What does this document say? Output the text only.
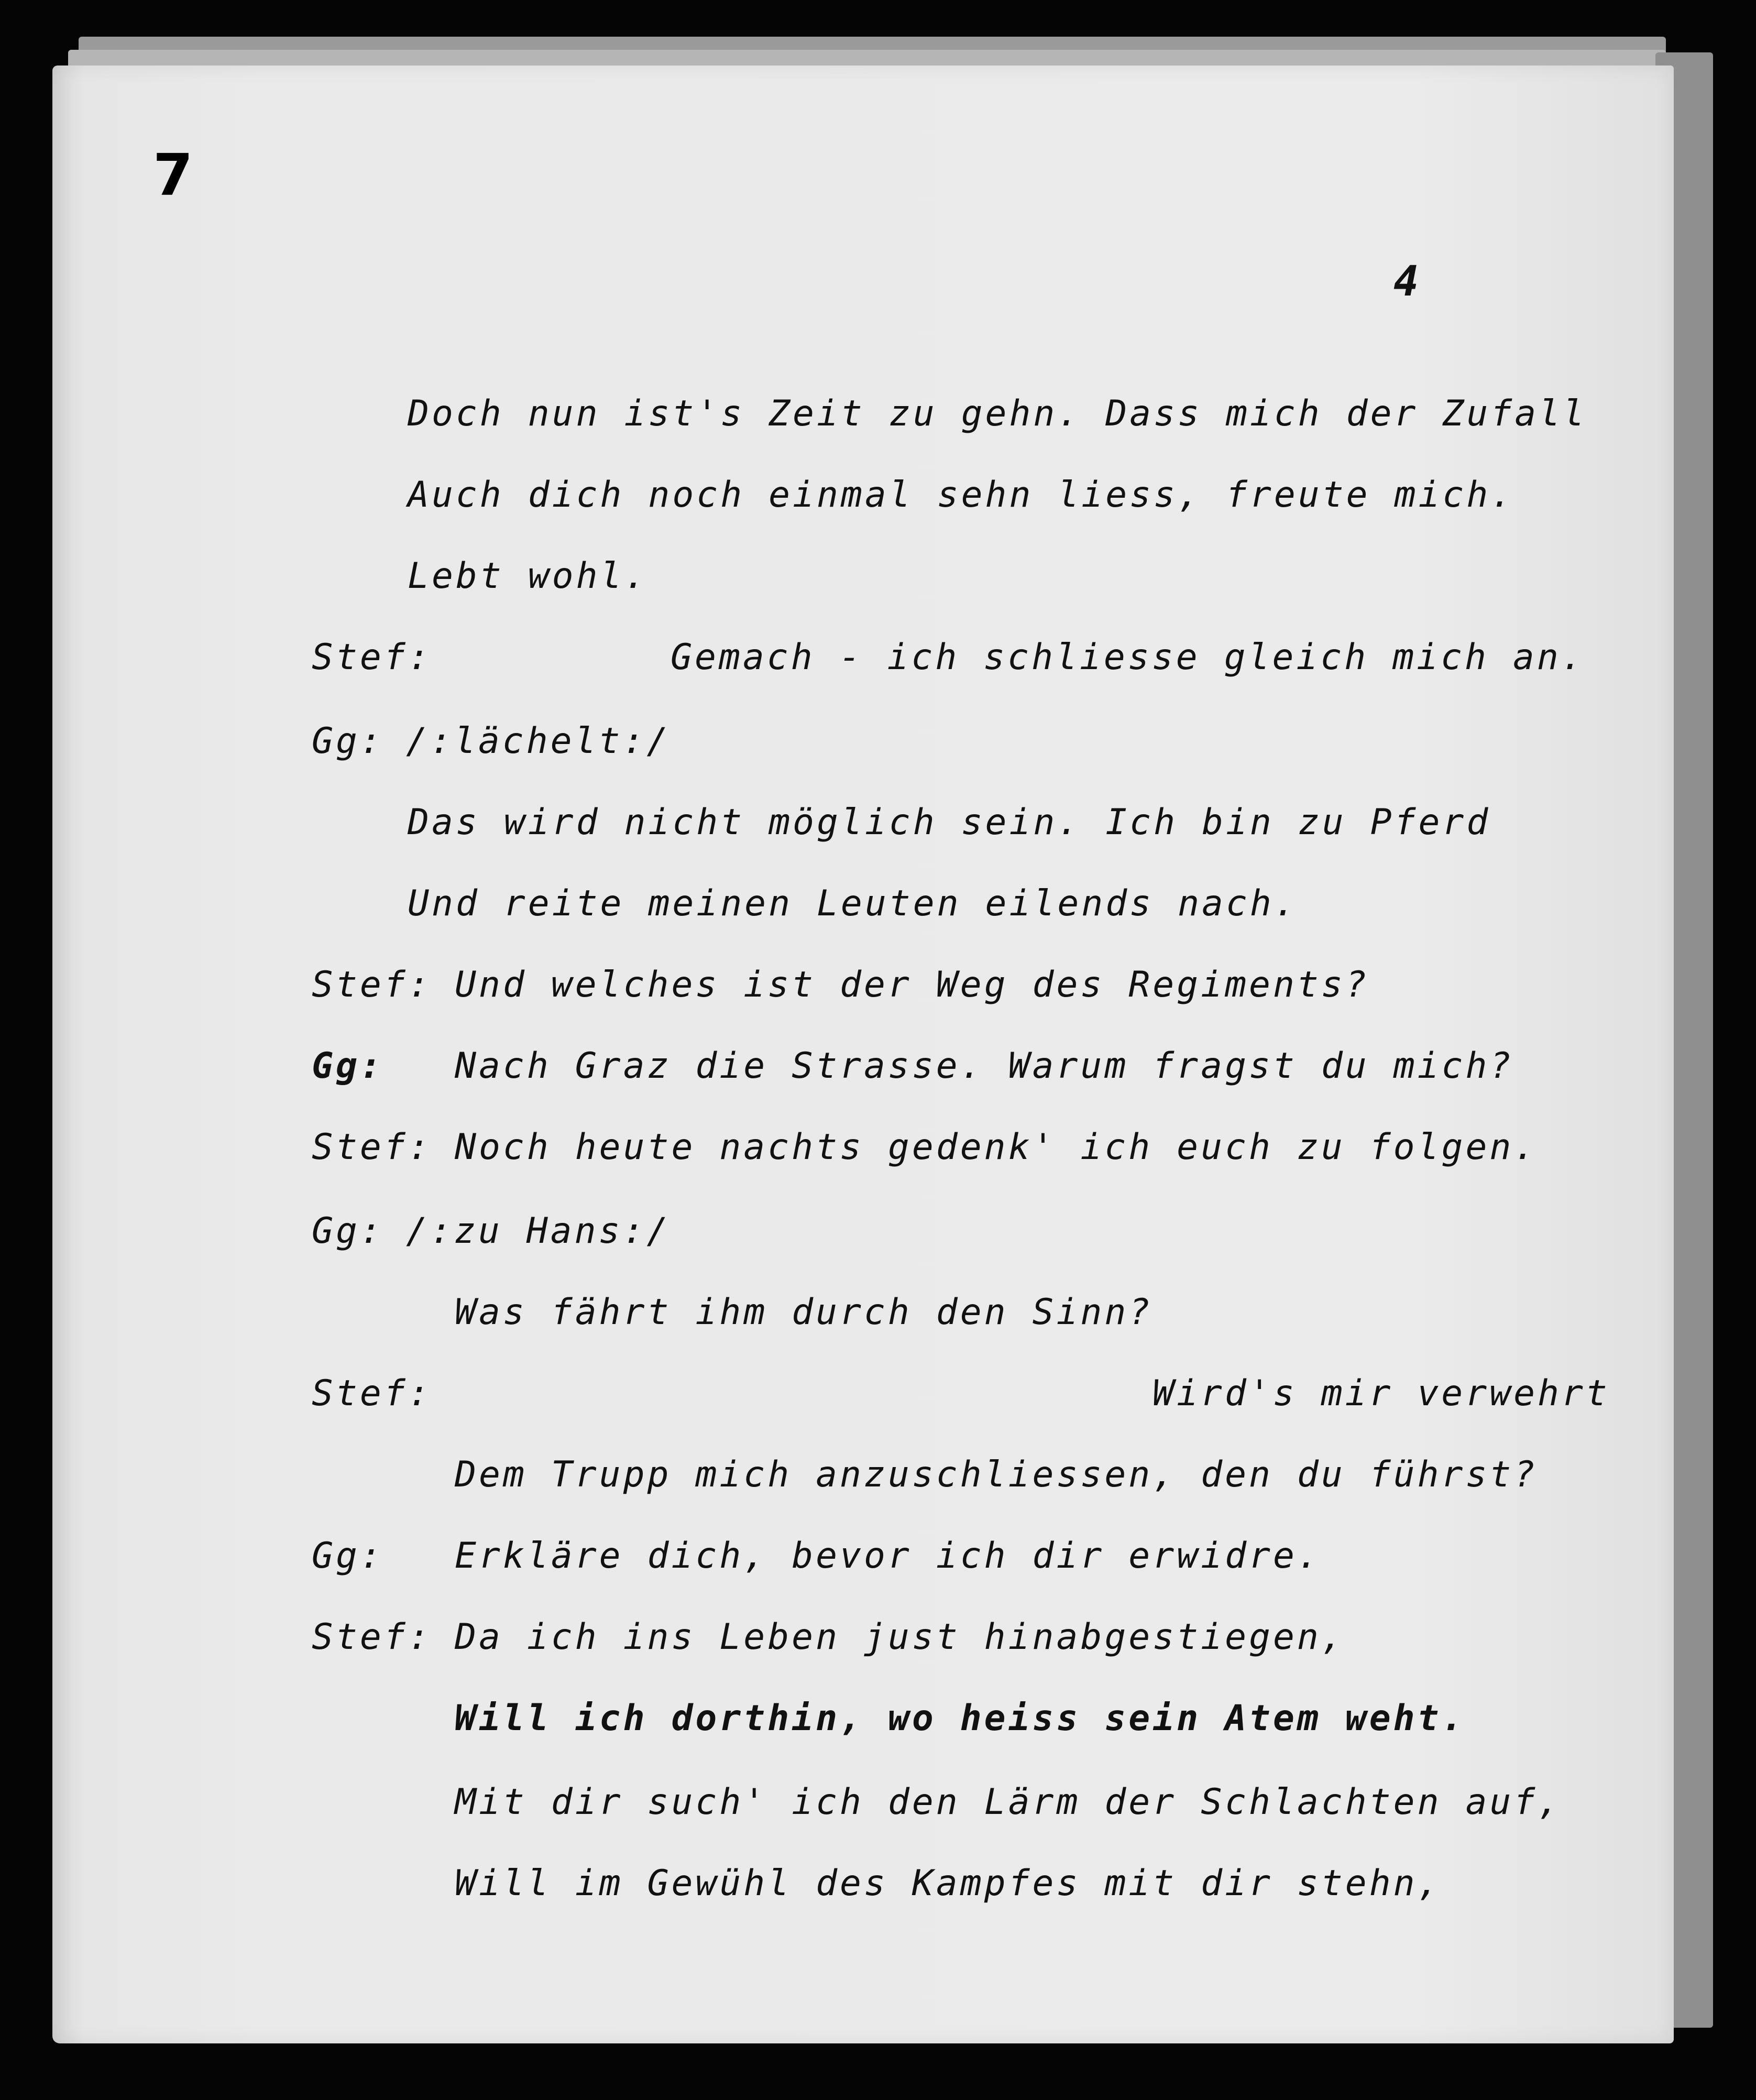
7
4
Doch nun ist's Zeit zu gehn. Dass mich der Zufall
Auch dich noch einmal sehn liess, freute mich.
Lebt wohl.
Stef:	Gemach - ich schliesse gleich mich an.
Gg: /:lächelt:/
Das wird nicht möglich sein. Ich bin zu Pferd
Und reite meinen Leuten eilends nach.
Stef: Und welches ist der Weg des Regiments?
Gg: Nach Graz die Strasse. Warum fragst du mich?
Stef: Noch heute nachts gedenk' ich euch zu folgen.
Gg: /:zu Hans:/
Was fährt ihm durch den Sinn?
Stef:	Wird's mir verwehrt
Dem Trupp mich anzuschliessen, den du führst?
Gg: Erkläre dich, bevor ich dir erwidre.
Stef: Da ich ins Leben just hinabgestiegen,
Will ich dorthin, wo heiss sein Atem weht.
Mit dir such' ich den Lärm der Schlachten auf,
Will im Gewühl des Kampfes mit dir stehn,
